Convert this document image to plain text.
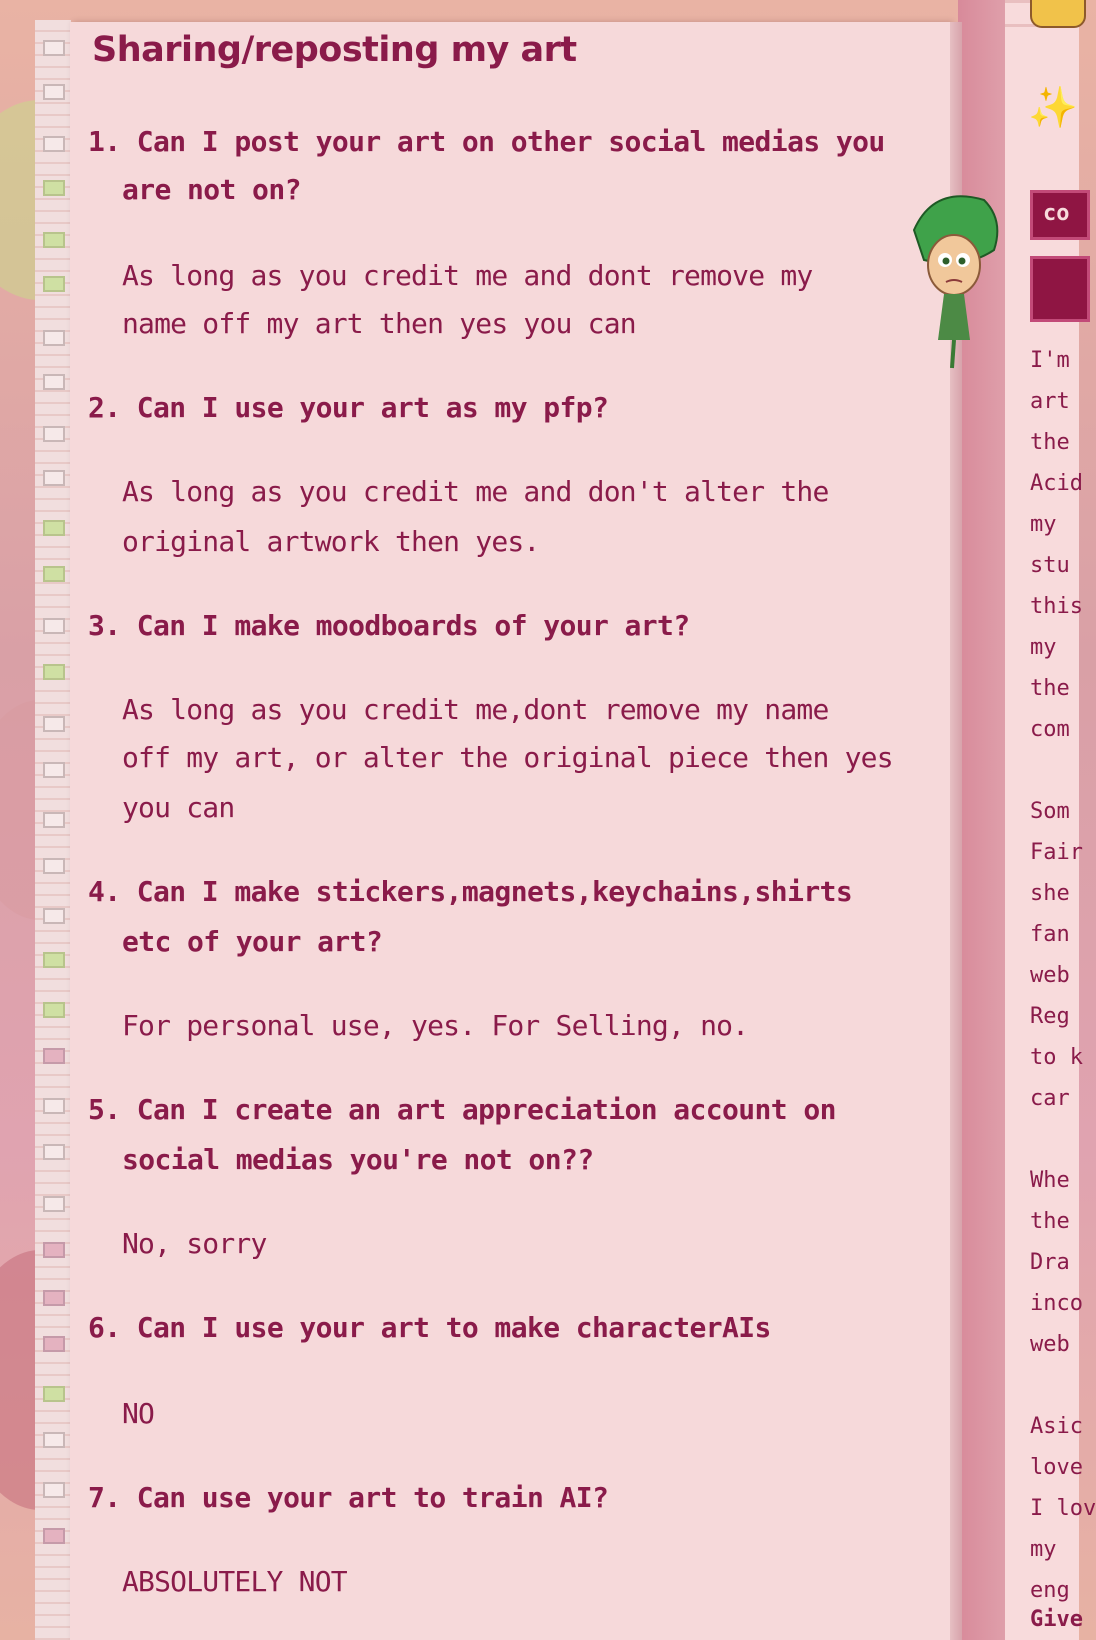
Sharing/reposting my art

1. Can I post your art on other social medias you

are not on?

As long as you credit me and dont remove my

name off my art then yes you can

2. Can I use your art as my pfp?

As long as you credit me and don't alter the

original artwork then yes.

3. Can I make moodboards of your art?

As long as you credit me,dont remove my name

off my art, or alter the original piece then yes

you can

4. Can I make stickers,magnets,keychains,shirts

etc of your art?

For personal use, yes. For Selling, no.

5. Can I create an art appreciation account on

social medias you're not on??

No, sorry

6. Can I use your art to make characterAIs

NO

7. Can use your art to train AI?

ABSOLUTELY NOT

✨
co
I'm
art
the
Acid
my
stu
this
my
the
com

Som
Fair
she
fan
web
Reg
to k
car

Whe
the
Dra
inco
web

Asic
love
I lov
my
eng
Give
